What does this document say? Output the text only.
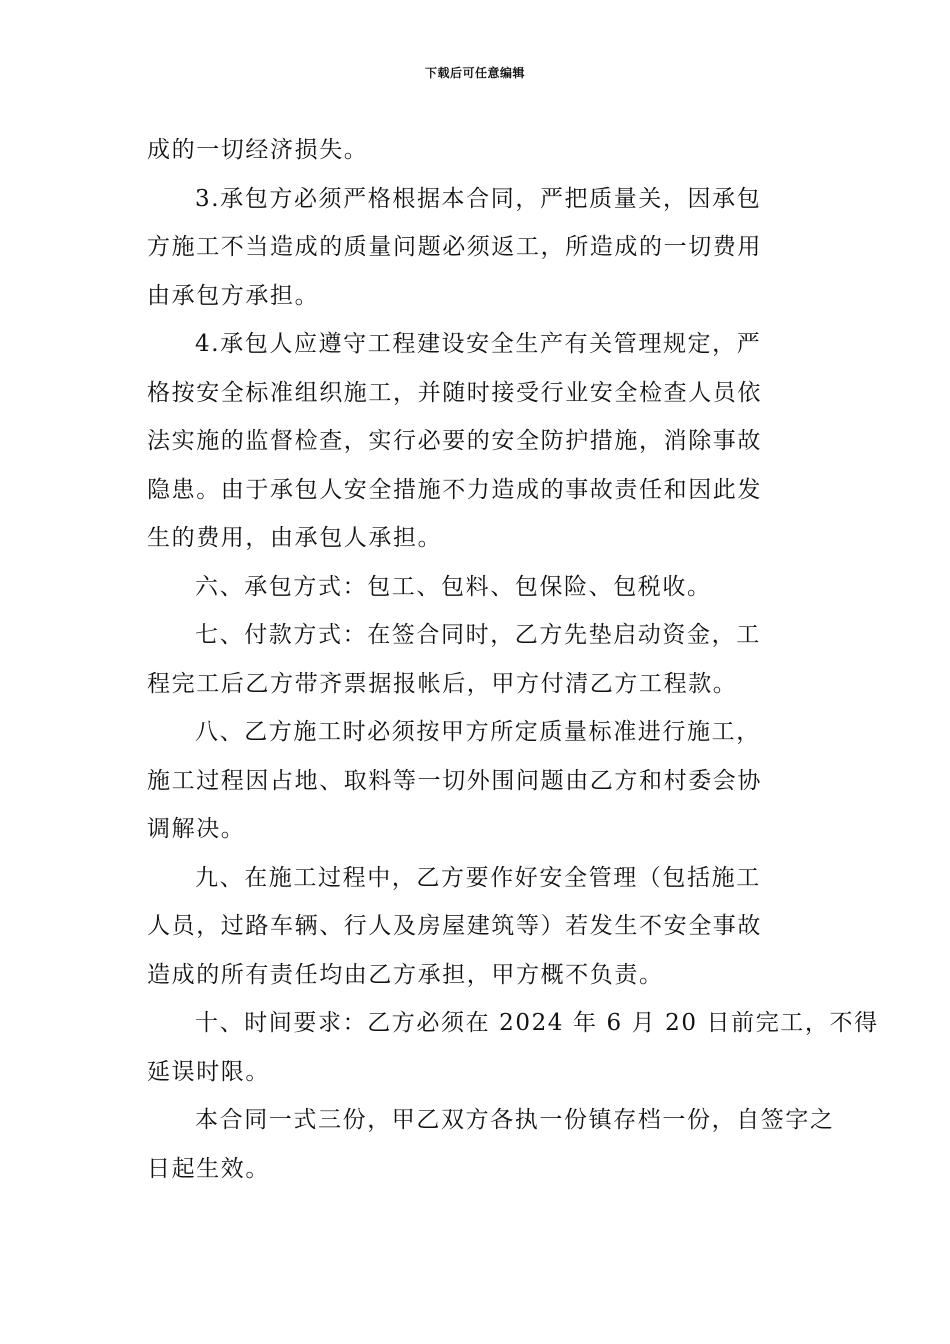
下载后可任意编辑

成的一切经济损失。

3.承包方必须严格根据本合同，严把质量关，因承包
方施工不当造成的质量问题必须返工，所造成的一切费用
由承包方承担。

4.承包人应遵守工程建设安全生产有关管理规定，严
格按安全标准组织施工，并随时接受行业安全检查人员依
法实施的监督检查，实行必要的安全防护措施，消除事故
隐患。由于承包人安全措施不力造成的事故责任和因此发
生的费用，由承包人承担。

六、承包方式：包工、包料、包保险、包税收。

七、付款方式：在签合同时，乙方先垫启动资金，工
程完工后乙方带齐票据报帐后，甲方付清乙方工程款。

八、乙方施工时必须按甲方所定质量标准进行施工，
施工过程因占地、取料等一切外围问题由乙方和村委会协
调解决。

九、在施工过程中，乙方要作好安全管理（包括施工
人员，过路车辆、行人及房屋建筑等）若发生不安全事故
造成的所有责任均由乙方承担，甲方概不负责。

十、时间要求：乙方必须在 2024 年 6 月 20 日前完工，不得
延误时限。

本合同一式三份，甲乙双方各执一份镇存档一份，自签字之
日起生效。
